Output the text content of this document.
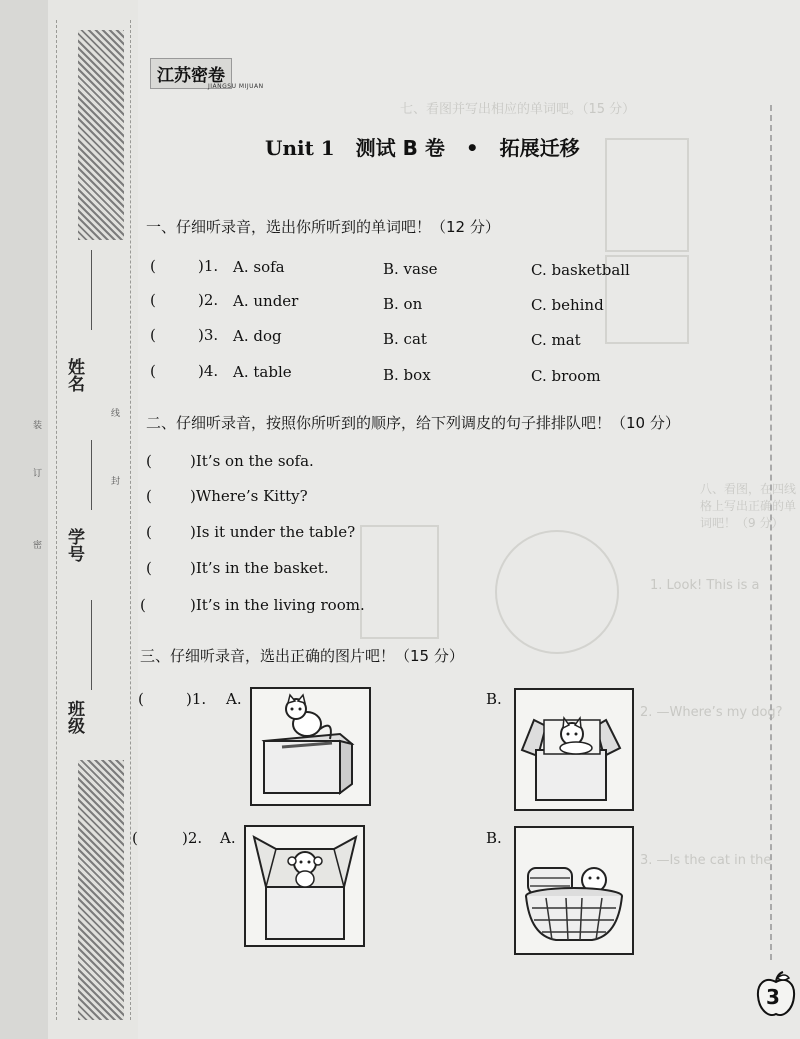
姓名
学号
班级
装
订
密
线
封
七、看图并写出相应的单词吧。（15 分）
八、看图，在四线格上写出正确的单词吧！（9 分）
1. Look! This is a
2. —Where’s my dog?
3. —Is the cat in the
江苏密卷
JIANGSU MIJUAN
Unit 1 测试 B 卷 • 拓展迁移
一、仔细听录音，选出你所听到的单词吧！（12 分）
(	)1. A. sofa	B. vase	C. basketball
(	)2. A. under	B. on	C. behind
(	)3. A. dog	B. cat	C. mat
(	)4. A. table	B. box	C. broom
二、仔细听录音，按照你所听到的顺序，给下列调皮的句子排排队吧！（10 分）
(	)It’s on the sofa.
(	)Where’s Kitty?
(	)Is it under the table?
(	)It’s in the basket.
(	)It’s in the living room.
三、仔细听录音，选出正确的图片吧！（15 分）
(	)1. A.	B.
(	)2. A.	B.
3
